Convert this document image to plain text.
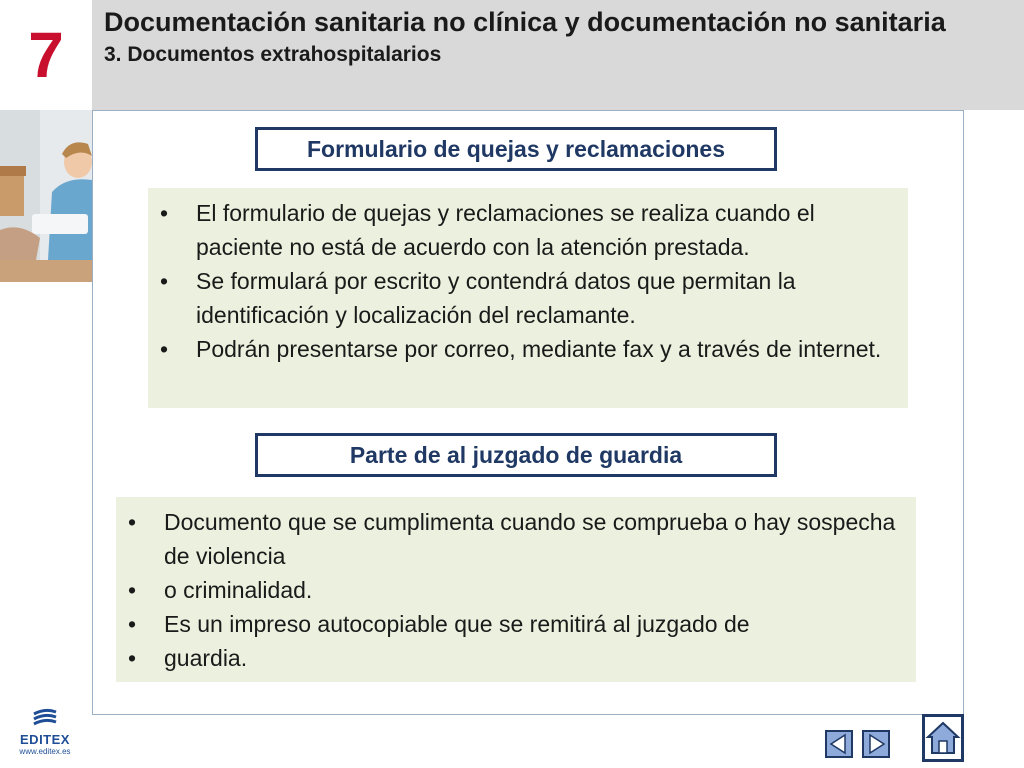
7	Documentación sanitaria no clínica y documentación no sanitaria
3. Documentos extrahospitalarios
Formulario de quejas y reclamaciones
• El formulario de quejas y reclamaciones se realiza cuando el paciente no está de acuerdo con la atención prestada.
• Se formulará por escrito y contendrá datos que permitan la identificación y localización del reclamante.
• Podrán presentarse por correo, mediante fax y a través de internet.
Parte de al juzgado de guardia
• Documento que se cumplimenta cuando se comprueba o hay sospecha de violencia
• o criminalidad.
• Es un impreso autocopiable que se remitirá al juzgado de
• guardia.
EDITEX
www.editex.es
